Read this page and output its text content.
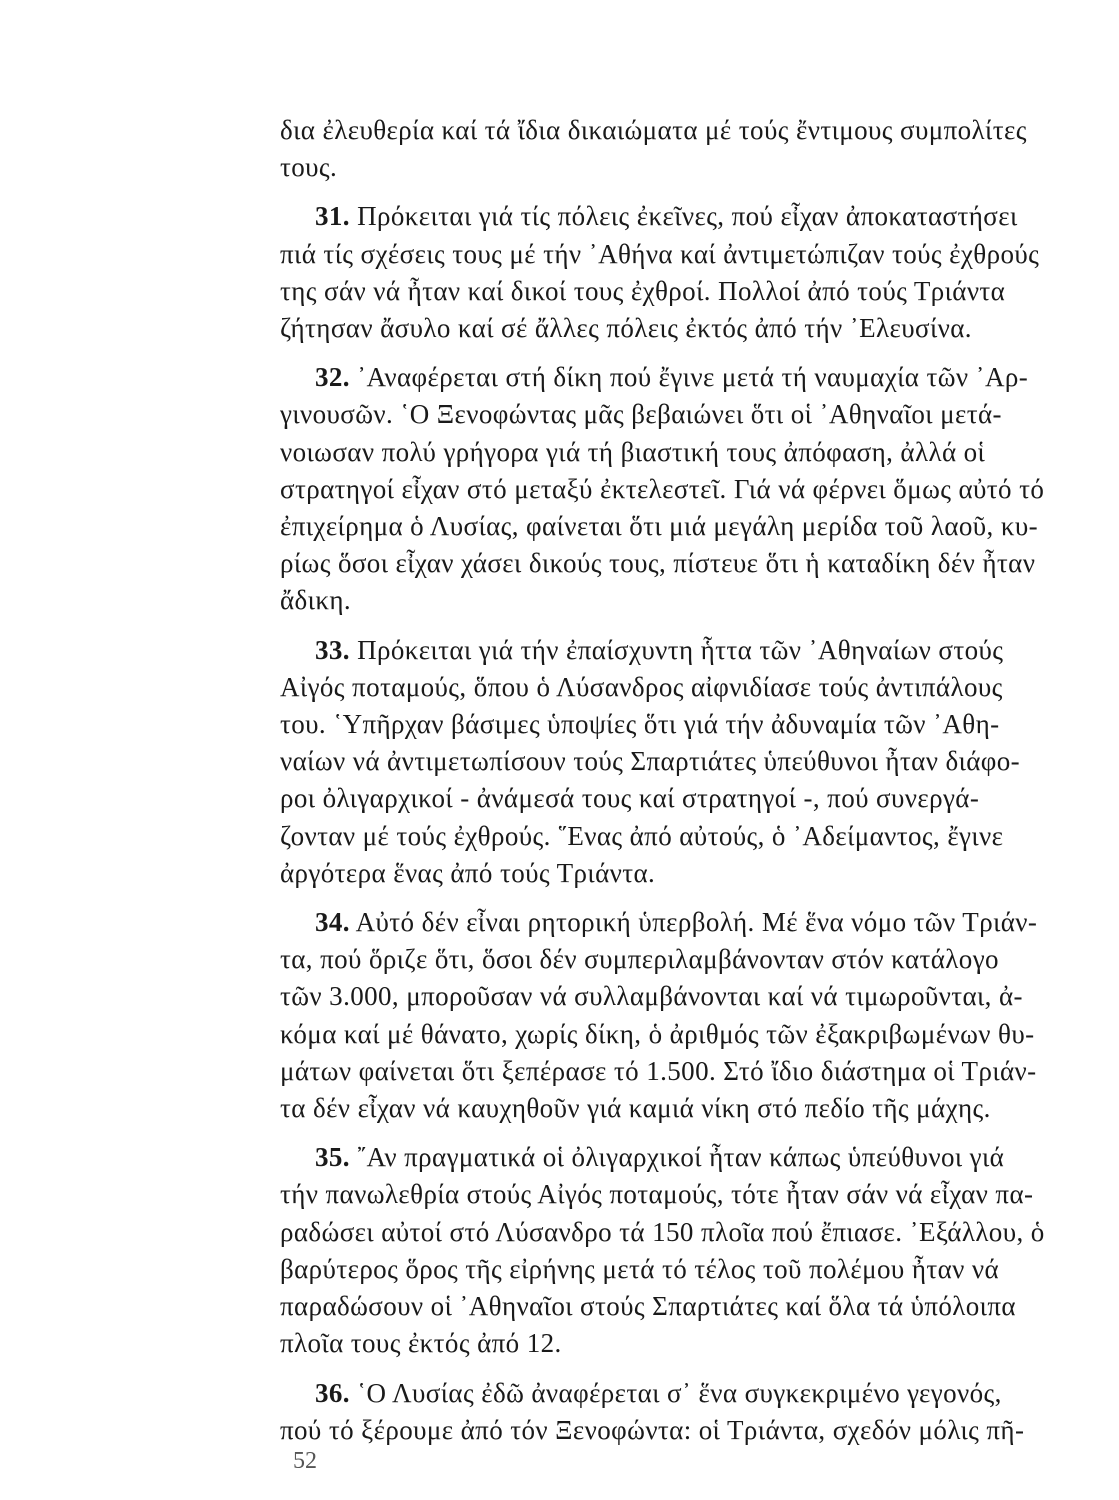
δια ἐλευθερία καί τά ἴδια δικαιώματα μέ τούς ἔντιμους συμπολίτες
τους.
31. Πρόκειται γιά τίς πόλεις ἐκεῖνες, πού εἶχαν ἀποκαταστήσει
πιά τίς σχέσεις τους μέ τήν ᾿Αθήνα καί ἀντιμετώπιζαν τούς ἐχθρούς
της σάν νά ἦταν καί δικοί τους ἐχθροί. Πολλοί ἀπό τούς Τριάντα
ζήτησαν ἄσυλο καί σέ ἄλλες πόλεις ἐκτός ἀπό τήν ᾿Ελευσίνα.
32. ᾿Αναφέρεται στή δίκη πού ἔγινε μετά τή ναυμαχία τῶν ᾿Αρ-
γινουσῶν. ῾Ο Ξενοφώντας μᾶς βεβαιώνει ὅτι οἱ ᾿Αθηναῖοι μετά-
νοιωσαν πολύ γρήγορα γιά τή βιαστική τους ἀπόφαση, ἀλλά οἱ
στρατηγοί εἶχαν στό μεταξύ ἐκτελεστεῖ. Γιά νά φέρνει ὅμως αὐτό τό
ἐπιχείρημα ὁ Λυσίας, φαίνεται ὅτι μιά μεγάλη μερίδα τοῦ λαοῦ, κυ-
ρίως ὅσοι εἶχαν χάσει δικούς τους, πίστευε ὅτι ἡ καταδίκη δέν ἦταν
ἄδικη.
33. Πρόκειται γιά τήν ἐπαίσχυντη ἧττα τῶν ᾿Αθηναίων στούς
Αἰγός ποταμούς, ὅπου ὁ Λύσανδρος αἰφνιδίασε τούς ἀντιπάλους
του. ῾Υπῆρχαν βάσιμες ὑποψίες ὅτι γιά τήν ἀδυναμία τῶν ᾿Αθη-
ναίων νά ἀντιμετωπίσουν τούς Σπαρτιάτες ὑπεύθυνοι ἦταν διάφο-
ροι ὀλιγαρχικοί - ἀνάμεσά τους καί στρατηγοί -, πού συνεργά-
ζονταν μέ τούς ἐχθρούς. ῞Ενας ἀπό αὐτούς, ὁ ᾿Αδείμαντος, ἔγινε
ἀργότερα ἕνας ἀπό τούς Τριάντα.
34. Αὐτό δέν εἶναι ρητορική ὑπερβολή. Μέ ἕνα νόμο τῶν Τριάν-
τα, πού ὅριζε ὅτι, ὅσοι δέν συμπεριλαμβάνονταν στόν κατάλογο
τῶν 3.000, μποροῦσαν νά συλλαμβάνονται καί νά τιμωροῦνται, ἀ-
κόμα καί μέ θάνατο, χωρίς δίκη, ὁ ἀριθμός τῶν ἐξακριβωμένων θυ-
μάτων φαίνεται ὅτι ξεπέρασε τό 1.500. Στό ἴδιο διάστημα οἱ Τριάν-
τα δέν εἶχαν νά καυχηθοῦν γιά καμιά νίκη στό πεδίο τῆς μάχης.
35. ῎Αν πραγματικά οἱ ὀλιγαρχικοί ἦταν κάπως ὑπεύθυνοι γιά
τήν πανωλεθρία στούς Αἰγός ποταμούς, τότε ἦταν σάν νά εἶχαν πα-
ραδώσει αὐτοί στό Λύσανδρο τά 150 πλοῖα πού ἔπιασε. ᾿Εξάλλου, ὁ
βαρύτερος ὅρος τῆς εἰρήνης μετά τό τέλος τοῦ πολέμου ἦταν νά
παραδώσουν οἱ ᾿Αθηναῖοι στούς Σπαρτιάτες καί ὅλα τά ὑπόλοιπα
πλοῖα τους ἐκτός ἀπό 12.
36. ῾Ο Λυσίας ἐδῶ ἀναφέρεται σ᾿ ἕνα συγκεκριμένο γεγονός,
πού τό ξέρουμε ἀπό τόν Ξενοφώντα: οἱ Τριάντα, σχεδόν μόλις πῆ-
52
